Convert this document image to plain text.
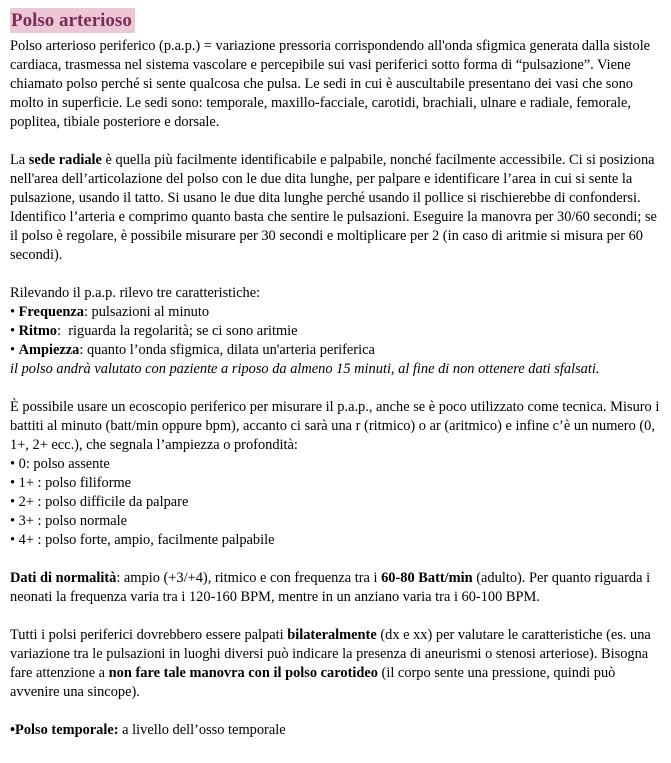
Polso arterioso
Polso arterioso periferico (p.a.p.) = variazione pressoria corrispondendo all'onda sfigmica generata dalla sistole cardiaca, trasmessa nel sistema vascolare e percepibile sui vasi periferici sotto forma di “pulsazione”. Viene chiamato polso perché si sente qualcosa che pulsa. Le sedi in cui è auscultabile presentano dei vasi che sono molto in superficie. Le sedi sono: temporale, maxillo-facciale, carotidi, brachiali, ulnare e radiale, femorale, poplitea, tibiale posteriore e dorsale.
La sede radiale è quella più facilmente identificabile e palpabile, nonché facilmente accessibile. Ci si posiziona nell'area dell’articolazione del polso con le due dita lunghe, per palpare e identificare l’area in cui si sente la pulsazione, usando il tatto. Si usano le due dita lunghe perché usando il pollice si rischierebbe di confondersi. Identifico l’arteria e comprimo quanto basta che sentire le pulsazioni. Eseguire la manovra per 30/60 secondi; se il polso è regolare, è possibile misurare per 30 secondi e moltiplicare per 2 (in caso di aritmie si misura per 60 secondi).
Rilevando il p.a.p. rilevo tre caratteristiche:
• Frequenza: pulsazioni al minuto
• Ritmo:  riguarda la regolarità; se ci sono aritmie
• Ampiezza: quanto l’onda sfigmica, dilata un'arteria periferica
il polso andrà valutato con paziente a riposo da almeno 15 minuti, al fine di non ottenere dati sfalsati.
È possibile usare un ecoscopio periferico per misurare il p.a.p., anche se è poco utilizzato come tecnica. Misuro i battiti al minuto (batt/min oppure bpm), accanto ci sarà una r (ritmico) o ar (aritmico) e infine c’è un numero (0, 1+, 2+ ecc.), che segnala l’ampiezza o profondità:
• 0: polso assente
• 1+ : polso filiforme
• 2+ : polso difficile da palpare
• 3+ : polso normale
• 4+ : polso forte, ampio, facilmente palpabile
Dati di normalità: ampio (+3/+4), ritmico e con frequenza tra i 60-80 Batt/min (adulto). Per quanto riguarda i neonati la frequenza varia tra i 120-160 BPM, mentre in un anziano varia tra i 60-100 BPM.
Tutti i polsi periferici dovrebbero essere palpati bilateralmente (dx e xx) per valutare le caratteristiche (es. una variazione tra le pulsazioni in luoghi diversi può indicare la presenza di aneurismi o stenosi arteriose). Bisogna fare attenzione a non fare tale manovra con il polso carotideo (il corpo sente una pressione, quindi può avvenire una sincope).
•Polso temporale: a livello dell’osso temporale
